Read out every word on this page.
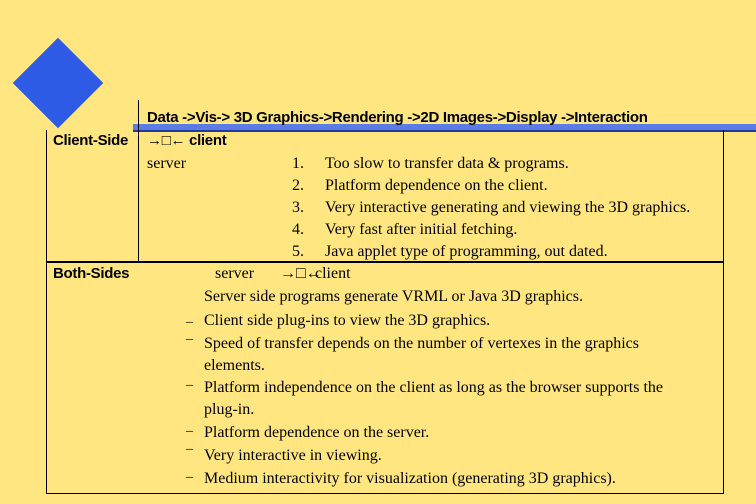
Data ->Vis-> 3D Graphics->Rendering ->2D Images->Display ->Interaction
Client-Side →□← client
server	1. Too slow to transfer data & programs.
2. Platform dependence on the client.
3. Very interactive generating and viewing the 3D graphics.
4. Very fast after initial fetching.
5. Java applet type of programming, out dated.
Both-Sides	server →□←
client
Server side programs generate VRML or Java 3D graphics.
_ Client side plug-ins to view the 3D graphics.
_
Speed of transfer depends on the number of vertexes in the graphics
elements.
_ Platform independence on the client as long as the browser supports the
plug-in.
_ Platform dependence on the server.
_
Very interactive in viewing.
_ Medium interactivity for visualization (generating 3D graphics).
